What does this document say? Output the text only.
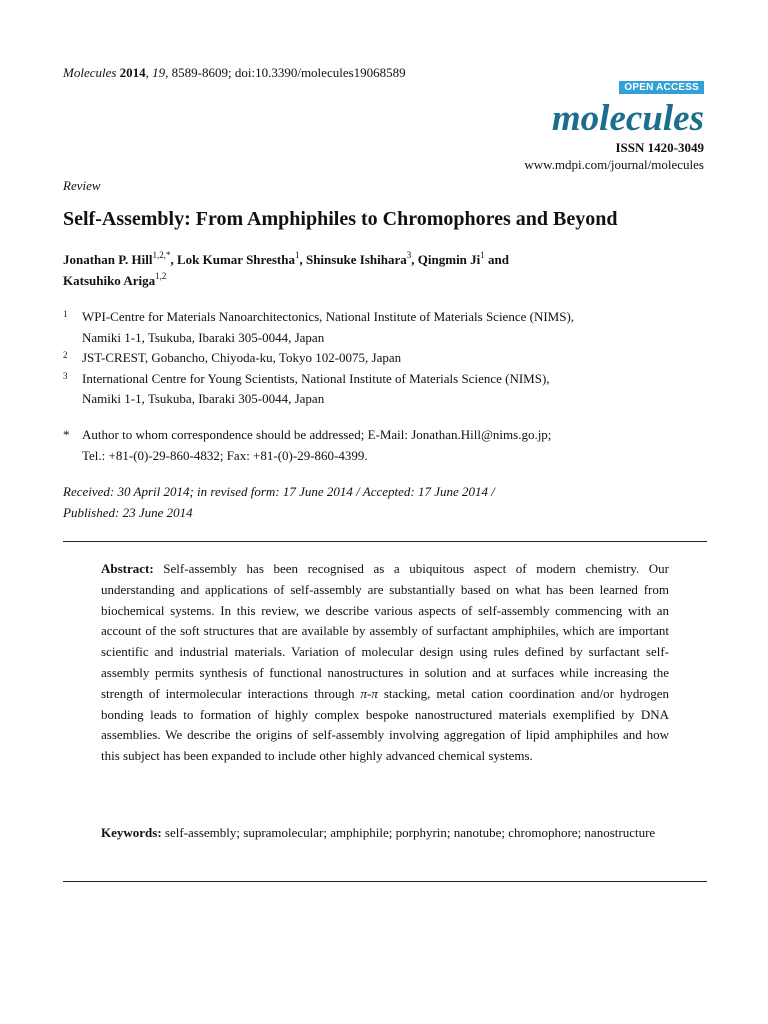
Molecules 2014, 19, 8589-8609; doi:10.3390/molecules19068589
OPEN ACCESS
molecules
ISSN 1420-3049
www.mdpi.com/journal/molecules
Review
Self-Assembly: From Amphiphiles to Chromophores and Beyond
Jonathan P. Hill$^{1,2,*}$, Lok Kumar Shrestha$^1$, Shinsuke Ishihara$^3$, Qingmin Ji$^1$ and
Katsuhiko Ariga$^{1,2}$
1 WPI-Centre for Materials Nanoarchitectonics, National Institute of Materials Science (NIMS),
Namiki 1-1, Tsukuba, Ibaraki 305-0044, Japan
2 JST-CREST, Gobancho, Chiyoda-ku, Tokyo 102-0075, Japan
3 International Centre for Young Scientists, National Institute of Materials Science (NIMS),
Namiki 1-1, Tsukuba, Ibaraki 305-0044, Japan
* Author to whom correspondence should be addressed; E-Mail: Jonathan.Hill@nims.go.jp;
Tel.: +81-(0)-29-860-4832; Fax: +81-(0)-29-860-4399.
Received: 30 April 2014; in revised form: 17 June 2014 / Accepted: 17 June 2014 /
Published: 23 June 2014
Abstract: Self-assembly has been recognised as a ubiquitous aspect of modern chemistry. Our understanding and applications of self-assembly are substantially based on what has been learned from biochemical systems. In this review, we describe various aspects of self-assembly commencing with an account of the soft structures that are available by assembly of surfactant amphiphiles, which are important scientific and industrial materials. Variation of molecular design using rules defined by surfactant self-assembly permits synthesis of functional nanostructures in solution and at surfaces while increasing the strength of intermolecular interactions through π-π stacking, metal cation coordination and/or hydrogen bonding leads to formation of highly complex bespoke nanostructured materials exemplified by DNA assemblies. We describe the origins of self-assembly involving aggregation of lipid amphiphiles and how this subject has been expanded to include other highly advanced chemical systems.
Keywords: self-assembly; supramolecular; amphiphile; porphyrin; nanotube; chromophore; nanostructure
